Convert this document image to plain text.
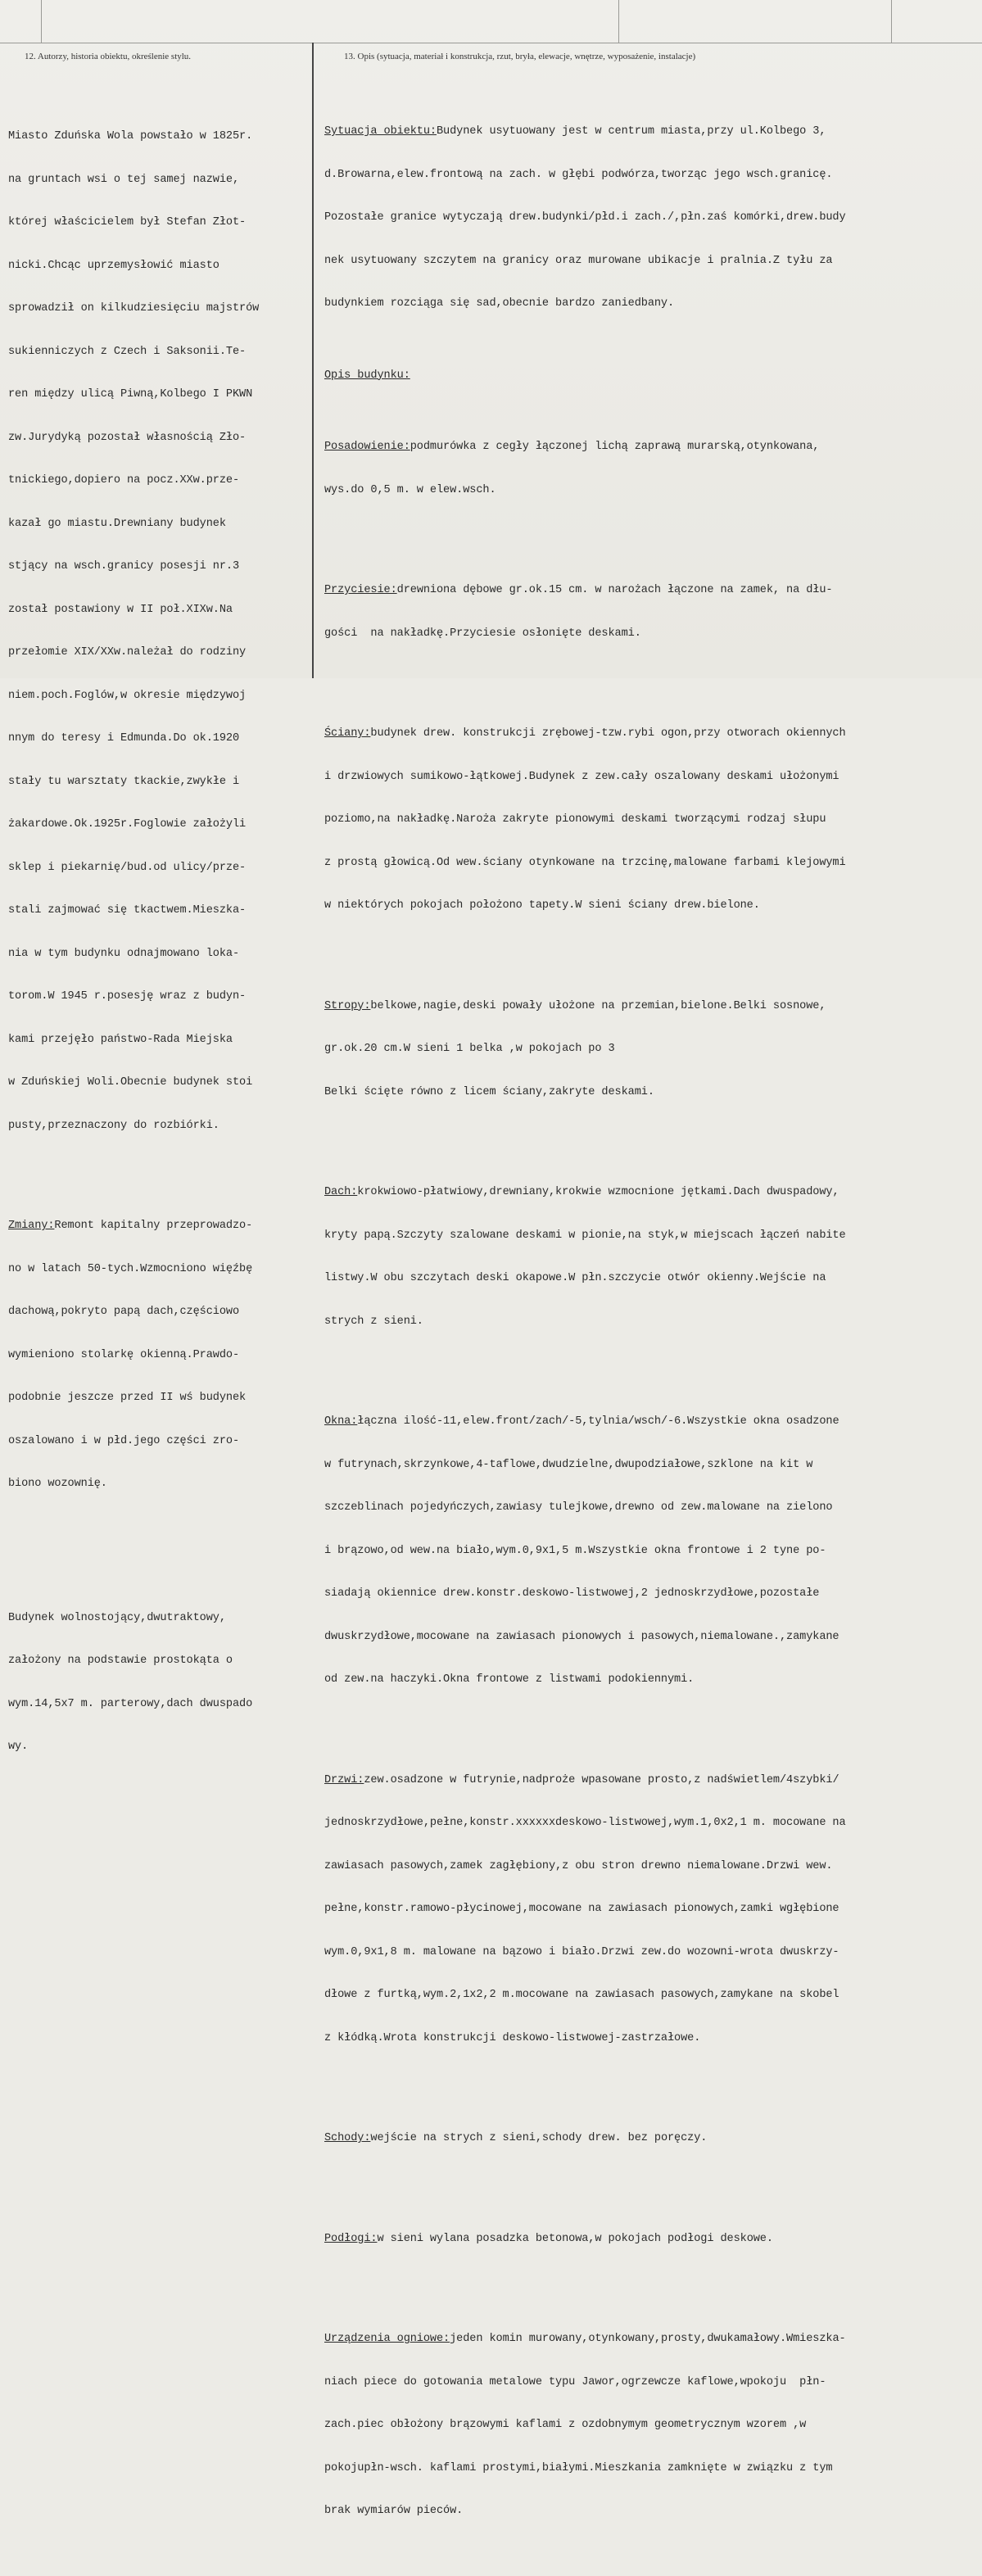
12. Autorzy, historia obiektu, określenie stylu.	13. Opis (sytuacja, materiał i konstrukcja, rzut, bryła, elewacje, wnętrze, wyposażenie, instalacje)

Miasto Zduńska Wola powstało w 1825r.

na gruntach wsi o tej samej nazwie,

której właścicielem był Stefan Złot-

nicki.Chcąc uprzemysłowić miasto

sprowadził on kilkudziesięciu majstrów

sukienniczych z Czech i Saksonii.Te-

ren między ulicą Piwną,Kolbego I PKWN

zw.Jurydyką pozostał własnością Zło-

tnickiego,dopiero na pocz.XXw.prze-

kazał go miastu.Drewniany budynek

stjący na wsch.granicy posesji nr.3

został postawiony w II poł.XIXw.Na

przełomie XIX/XXw.należał do rodziny

niem.poch.Foglów,w okresie międzywoj

nnym do teresy i Edmunda.Do ok.1920

stały tu warsztaty tkackie,zwykłe i

żakardowe.Ok.1925r.Foglowie założyli

sklep i piekarnię/bud.od ulicy/prze-

stali zajmować się tkactwem.Mieszka-

nia w tym budynku odnajmowano loka-

torom.W 1945 r.posesję wraz z budyn-

kami przejęło państwo-Rada Miejska

w Zduńskiej Woli.Obecnie budynek stoi

pusty,przeznaczony do rozbiórki.

Zmiany:Remont kapitalny przeprowadzo-

no w latach 50-tych.Wzmocniono więźbę

dachową,pokryto papą dach,częściowo

wymieniono stolarkę okienną.Prawdo-

podobnie jeszcze przed II wś budynek

oszalowano i w płd.jego części zro-

biono wozownię.

Budynek wolnostojący,dwutraktowy,

założony na podstawie prostokąta o

wym.14,5x7 m. parterowy,dach dwuspado

wy.

Sytuacja obiektu:Budynek usytuowany jest w centrum miasta,przy ul.Kolbego 3,

d.Browarna,elew.frontową na zach. w głębi podwórza,tworząc jego wsch.granicę.

Pozostałe granice wytyczają drew.budynki/płd.i zach./,płn.zaś komórki,drew.budy

nek usytuowany szczytem na granicy oraz murowane ubikacje i pralnia.Z tyłu za

budynkiem rozciąga się sad,obecnie bardzo zaniedbany.

Opis budynku:

Posadowienie:podmurówka z cegły łączonej lichą zaprawą murarską,otynkowana,

wys.do 0,5 m. w elew.wsch.

Przyciesie:drewniona dębowe gr.ok.15 cm. w narożach łączone na zamek, na dłu-

gości  na nakładkę.Przyciesie osłonięte deskami.

Ściany:budynek drew. konstrukcji zrębowej-tzw.rybi ogon,przy otworach okiennych

i drzwiowych sumikowo-łątkowej.Budynek z zew.cały oszalowany deskami ułożonymi

poziomo,na nakładkę.Naroża zakryte pionowymi deskami tworzącymi rodzaj słupu

z prostą głowicą.Od wew.ściany otynkowane na trzcinę,malowane farbami klejowymi

w niektórych pokojach położono tapety.W sieni ściany drew.bielone.

Stropy:belkowe,nagie,deski powały ułożone na przemian,bielone.Belki sosnowe,

gr.ok.20 cm.W sieni 1 belka ,w pokojach po 3

Belki ścięte równo z licem ściany,zakryte deskami.

Dach:krokwiowo-płatwiowy,drewniany,krokwie wzmocnione jętkami.Dach dwuspadowy,

kryty papą.Szczyty szalowane deskami w pionie,na styk,w miejscach łączeń nabite

listwy.W obu szczytach deski okapowe.W płn.szczycie otwór okienny.Wejście na

strych z sieni.

Okna:łączna ilość-11,elew.front/zach/-5,tylnia/wsch/-6.Wszystkie okna osadzone

w futrynach,skrzynkowe,4-taflowe,dwudzielne,dwupodziałowe,szklone na kit w

szczeblinach pojedyńczych,zawiasy tulejkowe,drewno od zew.malowane na zielono

i brązowo,od wew.na biało,wym.0,9x1,5 m.Wszystkie okna frontowe i 2 tyne po-

siadają okiennice drew.konstr.deskowo-listwowej,2 jednoskrzydłowe,pozostałe

dwuskrzydłowe,mocowane na zawiasach pionowych i pasowych,niemalowane.,zamykane

od zew.na haczyki.Okna frontowe z listwami podokiennymi.

Drzwi:zew.osadzone w futrynie,nadproże wpasowane prosto,z nadświetlem/4szybki/

jednoskrzydłowe,pełne,konstr.xxxxxxdeskowo-listwowej,wym.1,0x2,1 m. mocowane na

zawiasach pasowych,zamek zagłębiony,z obu stron drewno niemalowane.Drzwi wew.

pełne,konstr.ramowo-płycinowej,mocowane na zawiasach pionowych,zamki wgłębione

wym.0,9x1,8 m. malowane na bązowo i biało.Drzwi zew.do wozowni-wrota dwuskrzy-

dłowe z furtką,wym.2,1x2,2 m.mocowane na zawiasach pasowych,zamykane na skobel

z kłódką.Wrota konstrukcji deskowo-listwowej-zastrzałowe.

Schody:wejście na strych z sieni,schody drew. bez poręczy.

Podłogi:w sieni wylana posadzka betonowa,w pokojach podłogi deskowe.

Urządzenia ogniowe:jeden komin murowany,otynkowany,prosty,dwukamałowy.Wmieszka-

niach piece do gotowania metalowe typu Jawor,ogrzewcze kaflowe,wpokoju  płn-

zach.piec obłożony brązowymi kaflami z ozdobnymym geometrycznym wzorem ,w

pokojupłn-wsch. kaflami prostymi,białymi.Mieszkania zamknięte w związku z tym

brak wymiarów pieców.
